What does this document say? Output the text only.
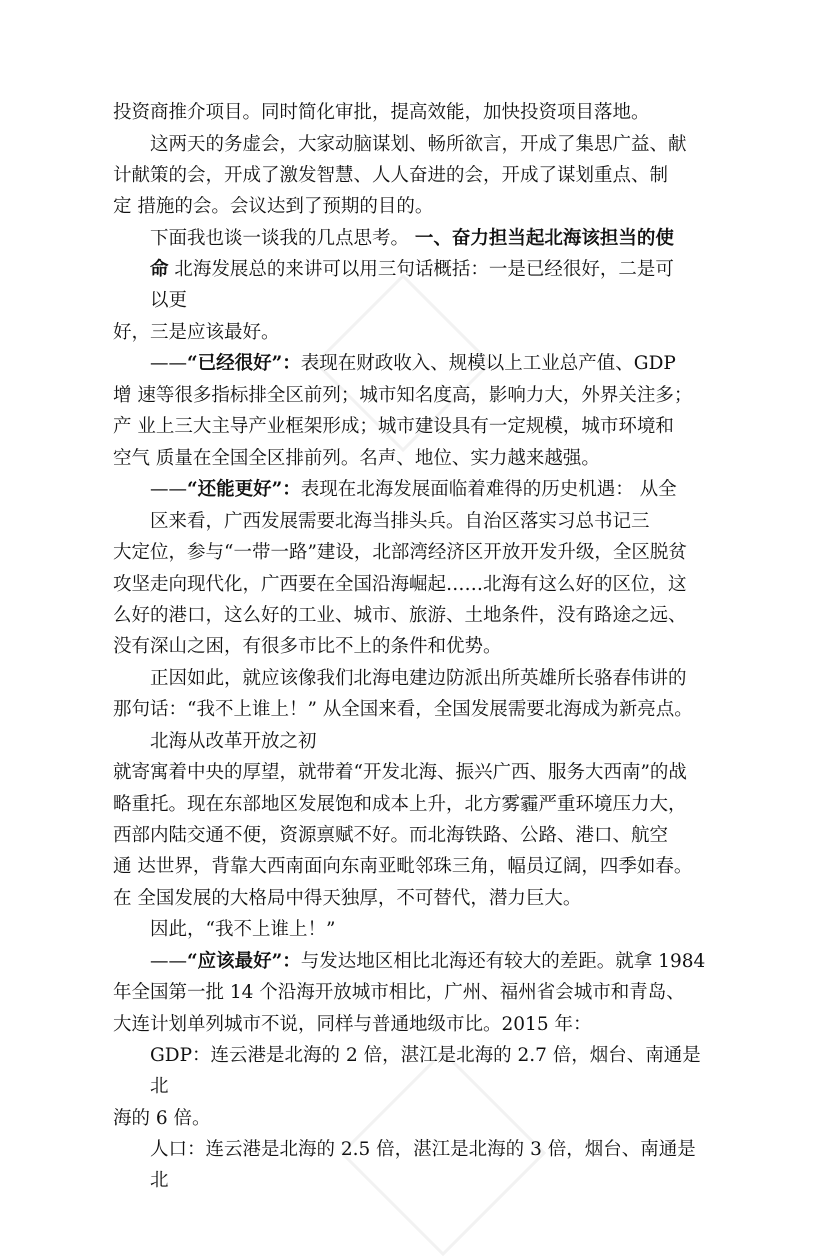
投资商推介项目。同时简化审批，提高效能，加快投资项目落地。
这两天的务虚会，大家动脑谋划、畅所欲言，开成了集思广益、献
计献策的会，开成了激发智慧、人人奋进的会，开成了谋划重点、制
定 措施的会。会议达到了预期的目的。
下面我也谈一谈我的几点思考。 一、奋力担当起北海该担当的使
命 北海发展总的来讲可以用三句话概括：一是已经很好，二是可
以更
好，三是应该最好。
——“已经很好”：表现在财政收入、规模以上工业总产值、GDP
增 速等很多指标排全区前列；城市知名度高，影响力大，外界关注多；
产 业上三大主导产业框架形成；城市建设具有一定规模，城市环境和
空气 质量在全国全区排前列。名声、地位、实力越来越强。
——“还能更好”：表现在北海发展面临着难得的历史机遇： 从全
区来看，广西发展需要北海当排头兵。自治区落实习总书记三
大定位，参与“一带一路”建设，北部湾经济区开放开发升级，全区脱贫
攻坚走向现代化，广西要在全国沿海崛起……北海有这么好的区位，这
么好的港口，这么好的工业、城市、旅游、土地条件，没有路途之远、
没有深山之困，有很多市比不上的条件和优势。
正因如此，就应该像我们北海电建边防派出所英雄所长骆春伟讲的
那句话：“我不上谁上！” 从全国来看，全国发展需要北海成为新亮点。
北海从改革开放之初
就寄寓着中央的厚望，就带着“开发北海、振兴广西、服务大西南”的战
略重托。现在东部地区发展饱和成本上升，北方雾霾严重环境压力大，
西部内陆交通不便，资源禀赋不好。而北海铁路、公路、港口、航空
通 达世界，背靠大西南面向东南亚毗邻珠三角，幅员辽阔，四季如春。
在 全国发展的大格局中得天独厚，不可替代，潜力巨大。
因此，“我不上谁上！”
——“应该最好”：与发达地区相比北海还有较大的差距。就拿 1984
年全国第一批 14 个沿海开放城市相比，广州、福州省会城市和青岛、
大连计划单列城市不说，同样与普通地级市比。2015 年：
GDP：连云港是北海的 2 倍，湛江是北海的 2.7 倍，烟台、南通是
北
海的 6 倍。
人口：连云港是北海的 2.5 倍，湛江是北海的 3 倍，烟台、南通是
北
